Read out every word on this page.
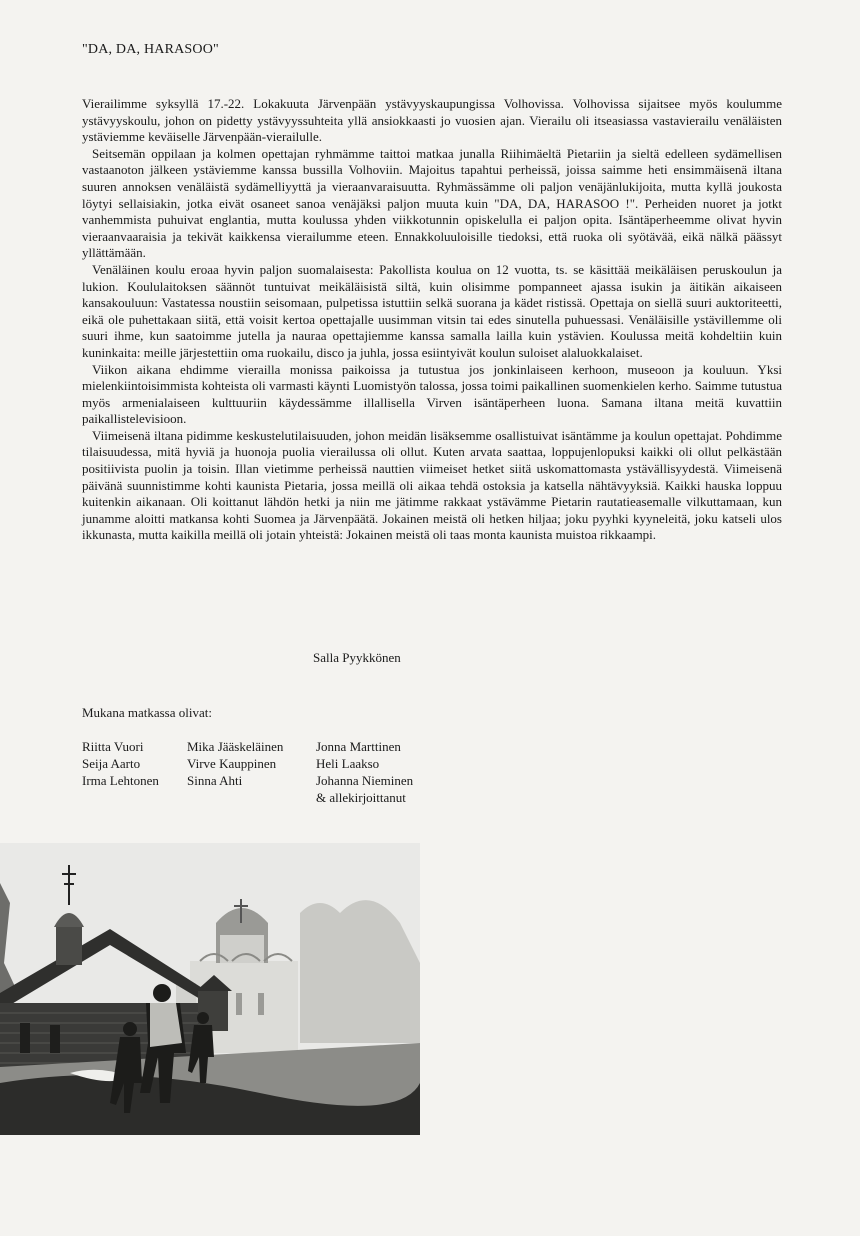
"DA, DA, HARASOO"

Vierailimme syksyllä 17.-22. Lokakuuta Järvenpään ystävyyskaupungissa Volhovissa. Volhovissa sijaitsee myös koulumme ystävyyskoulu, johon on pidetty ystävyyssuhteita yllä ansiokkaasti jo vuosien ajan. Vierailu oli itseasiassa vastavierailu venäläisten ystäviemme keväiselle Järvenpään-vierailulle.

Seitsemän oppilaan ja kolmen opettajan ryhmämme taittoi matkaa junalla Riihimäeltä Pietariin ja sieltä edelleen sydämellisen vastaanoton jälkeen ystäviemme kanssa bussilla Volhoviin. Majoitus tapahtui perheissä, joissa saimme heti ensimmäisenä iltana suuren annoksen venäläistä sydämelliyyttä ja vieraanvaraisuutta. Ryhmässämme oli paljon venäjänlukijoita, mutta kyllä joukosta löytyi sellaisiakin, jotka eivät osaneet sanoa venäjäksi paljon muuta kuin "DA, DA, HARASOO !". Perheiden nuoret ja jotkt vanhemmista puhuivat englantia, mutta koulussa yhden viikkotunnin opiskelulla ei paljon opita. Isäntäperheemme olivat hyvin vieraanvaaraisia ja tekivät kaikkensa vierailumme eteen. Ennakkoluuloisille tiedoksi, että ruoka oli syötävää, eikä nälkä päässyt yllättämään.

Venäläinen koulu eroaa hyvin paljon suomalaisesta: Pakollista koulua on 12 vuotta, ts. se käsittää meikäläisen peruskoulun ja lukion. Koululaitoksen säännöt tuntuivat meikäläisistä siltä, kuin olisimme pompanneet ajassa isukin ja äitikän aikaiseen kansakouluun: Vastatessa noustiin seisomaan, pulpetissa istuttiin selkä suorana ja kädet ristissä. Opettaja on siellä suuri auktoriteetti, eikä ole puhettakaan siitä, että voisit kertoa opettajalle uusimman vitsin tai edes sinutella puhuessasi. Venäläisille ystävillemme oli suuri ihme, kun saatoimme jutella ja nauraa opettajiemme kanssa samalla lailla kuin ystävien. Koulussa meitä kohdeltiin kuin kuninkaita: meille järjestettiin oma ruokailu, disco ja juhla, jossa esiintyivät koulun suloiset alaluokkalaiset.

Viikon aikana ehdimme vierailla monissa paikoissa ja tutustua jos jonkinlaiseen kerhoon, museoon ja kouluun. Yksi mielenkiintoisimmista kohteista oli varmasti käynti Luomistyön talossa, jossa toimi paikallinen suomenkielen kerho. Saimme tutustua myös armenialaiseen kulttuuriin käydessämme illallisella Virven isäntäperheen luona. Samana iltana meitä kuvattiin paikallistelevisioon.

Viimeisenä iltana pidimme keskustelutilaisuuden, johon meidän lisäksemme osallistuivat isäntämme ja koulun opettajat. Pohdimme tilaisuudessa, mitä hyviä ja huonoja puolia vierailussa oli ollut. Kuten arvata saattaa, loppujenlopuksi kaikki oli ollut pelkästään positiivista puolin ja toisin. Illan vietimme perheissä nauttien viimeiset hetket siitä uskomattomasta ystävällisyydestä. Viimeisenä päivänä suunnistimme kohti kaunista Pietaria, jossa meillä oli aikaa tehdä ostoksia ja katsella nähtävyyksiä. Kaikki hauska loppuu kuitenkin aikanaan. Oli koittanut lähdön hetki ja niin me jätimme rakkaat ystävämme Pietarin rautatieasemalle vilkuttamaan, kun junamme aloitti matkansa kohti Suomea ja Järvenpäätä. Jokainen meistä oli hetken hiljaa; joku pyyhki kyyneleitä, joku katseli ulos ikkunasta, mutta kaikilla meillä oli jotain yhteistä: Jokainen meistä oli taas monta kaunista muistoa rikkaampi.

Salla Pyykkönen
Mukana matkassa olivat:
Riitta Vuori
Seija Aarto
Irma Lehtonen
Mika Jääskeläinen
Virve Kauppinen
Sinna Ahti
Jonna Marttinen
Heli Laakso
Johanna Nieminen
& allekirjoittanut
